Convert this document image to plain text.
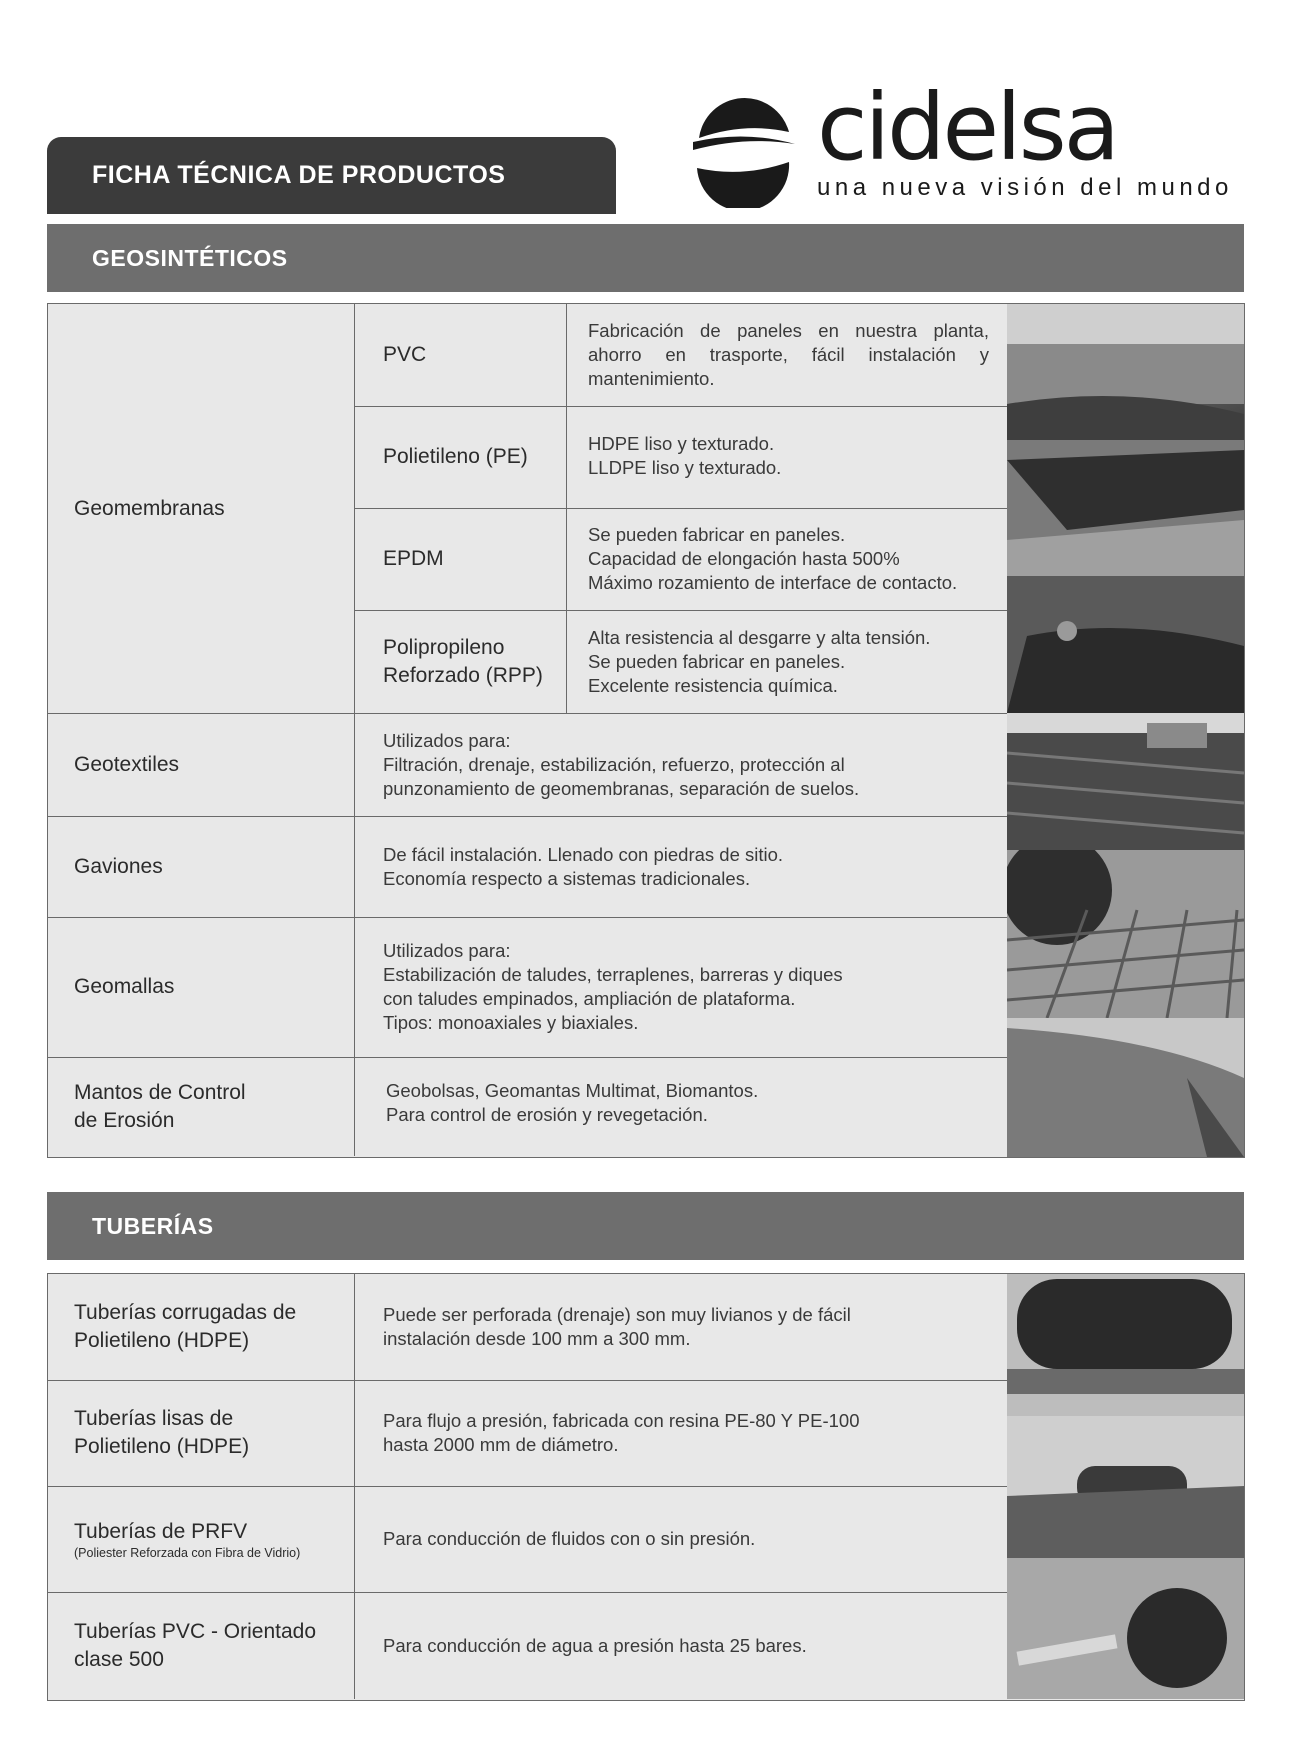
FICHA TÉCNICA DE PRODUCTOS	cidelsa
una nueva visión del mundo
GEOSINTÉTICOS
Geomembranas
PVC
Fabricación de paneles en nuestra planta, ahorro en trasporte, fácil instalación y mantenimiento.
Polietileno (PE)
HDPE liso y texturado.
LLDPE liso y texturado.
EPDM
Se pueden fabricar en paneles.
Capacidad de elongación hasta 500%
Máximo rozamiento de interface de contacto.
Polipropileno
Reforzado (RPP)
Alta resistencia al desgarre y alta tensión.
Se pueden fabricar en paneles.
Excelente resistencia química.
Geotextiles
Utilizados para:
Filtración, drenaje, estabilización, refuerzo, protección al
punzonamiento de geomembranas, separación de suelos.
Gaviones
De fácil instalación. Llenado con piedras de sitio.
Economía respecto a sistemas tradicionales.
Geomallas
Utilizados para:
Estabilización de taludes, terraplenes, barreras y diques
con taludes empinados, ampliación de plataforma.
Tipos: monoaxiales y biaxiales.
Mantos de Control
de Erosión
Geobolsas, Geomantas Multimat, Biomantos.
Para control de erosión y revegetación.
TUBERÍAS
Tuberías corrugadas de
Polietileno (HDPE)
Puede ser perforada (drenaje) son muy livianos y de fácil
instalación desde 100 mm a 300 mm.
Tuberías lisas de
Polietileno (HDPE)
Para flujo a presión, fabricada con resina PE-80 Y PE-100
hasta 2000 mm de diámetro.
Tuberías de PRFV
(Poliester Reforzada con Fibra de Vidrio)
Para conducción de fluidos con o sin presión.
Tuberías PVC - Orientado
clase 500
Para conducción de agua a presión hasta 25 bares.
